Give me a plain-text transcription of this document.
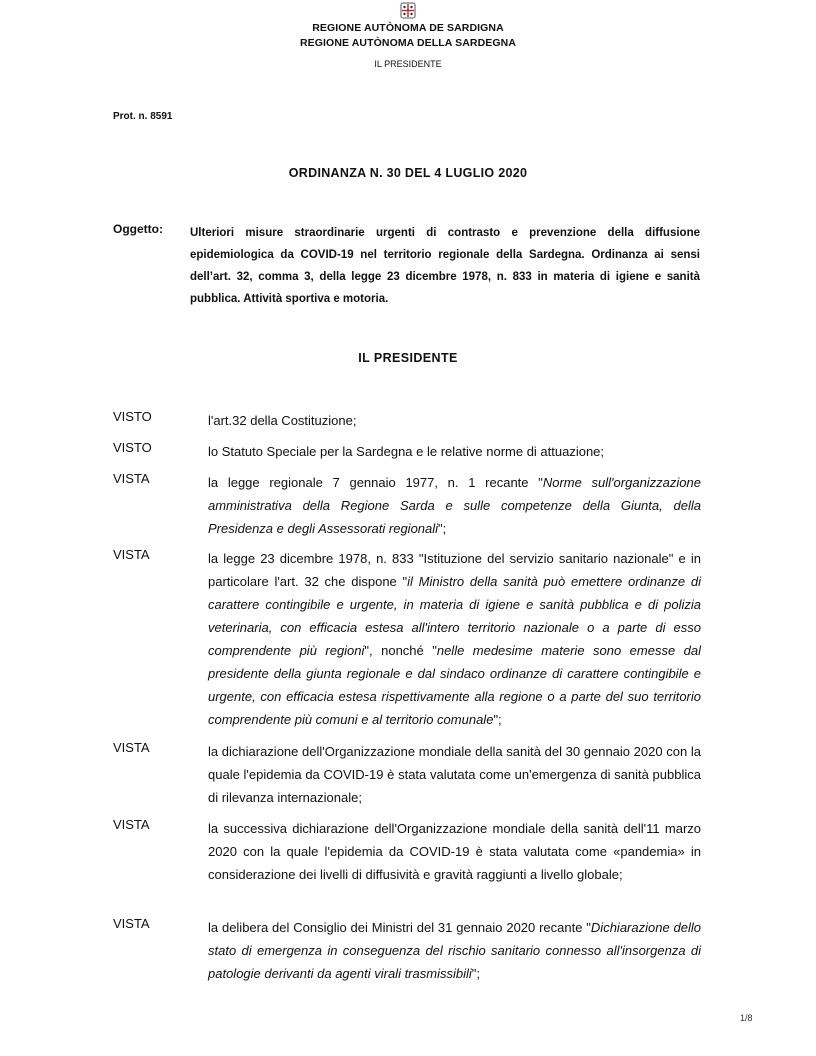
REGIONE AUTÒNOMA DE SARDIGNA
REGIONE AUTÒNOMA DELLA SARDEGNA
IL PRESIDENTE
Prot. n. 8591
ORDINANZA N. 30 DEL 4 LUGLIO 2020
Oggetto: Ulteriori misure straordinarie urgenti di contrasto e prevenzione della diffusione epidemiologica da COVID-19 nel territorio regionale della Sardegna. Ordinanza ai sensi dell’art. 32, comma 3, della legge 23 dicembre 1978, n. 833 in materia di igiene e sanità pubblica. Attività sportiva e motoria.
IL PRESIDENTE
VISTO	l'art.32 della Costituzione;
VISTO	lo Statuto Speciale per la Sardegna e le relative norme di attuazione;
VISTA	la legge regionale 7 gennaio 1977, n. 1 recante "Norme sull'organizzazione amministrativa della Regione Sarda e sulle competenze della Giunta, della Presidenza e degli Assessorati regionali";
VISTA	la legge 23 dicembre 1978, n. 833 "Istituzione del servizio sanitario nazionale" e in particolare l'art. 32 che dispone "il Ministro della sanità può emettere ordinanze di carattere contingibile e urgente, in materia di igiene e sanità pubblica e di polizia veterinaria, con efficacia estesa all'intero territorio nazionale o a parte di esso comprendente più regioni", nonché "nelle medesime materie sono emesse dal presidente della giunta regionale e dal sindaco ordinanze di carattere contingibile e urgente, con efficacia estesa rispettivamente alla regione o a parte del suo territorio comprendente più comuni e al territorio comunale";
VISTA	la dichiarazione dell'Organizzazione mondiale della sanità del 30 gennaio 2020 con la quale l'epidemia da COVID-19 è stata valutata come un'emergenza di sanità pubblica di rilevanza internazionale;
VISTA	la successiva dichiarazione dell'Organizzazione mondiale della sanità dell'11 marzo 2020 con la quale l'epidemia da COVID-19 è stata valutata come «pandemia» in considerazione dei livelli di diffusività e gravità raggiunti a livello globale;
VISTA	la delibera del Consiglio dei Ministri del 31 gennaio 2020 recante "Dichiarazione dello stato di emergenza in conseguenza del rischio sanitario connesso all'insorgenza di patologie derivanti da agenti virali trasmissibili";
1/8
